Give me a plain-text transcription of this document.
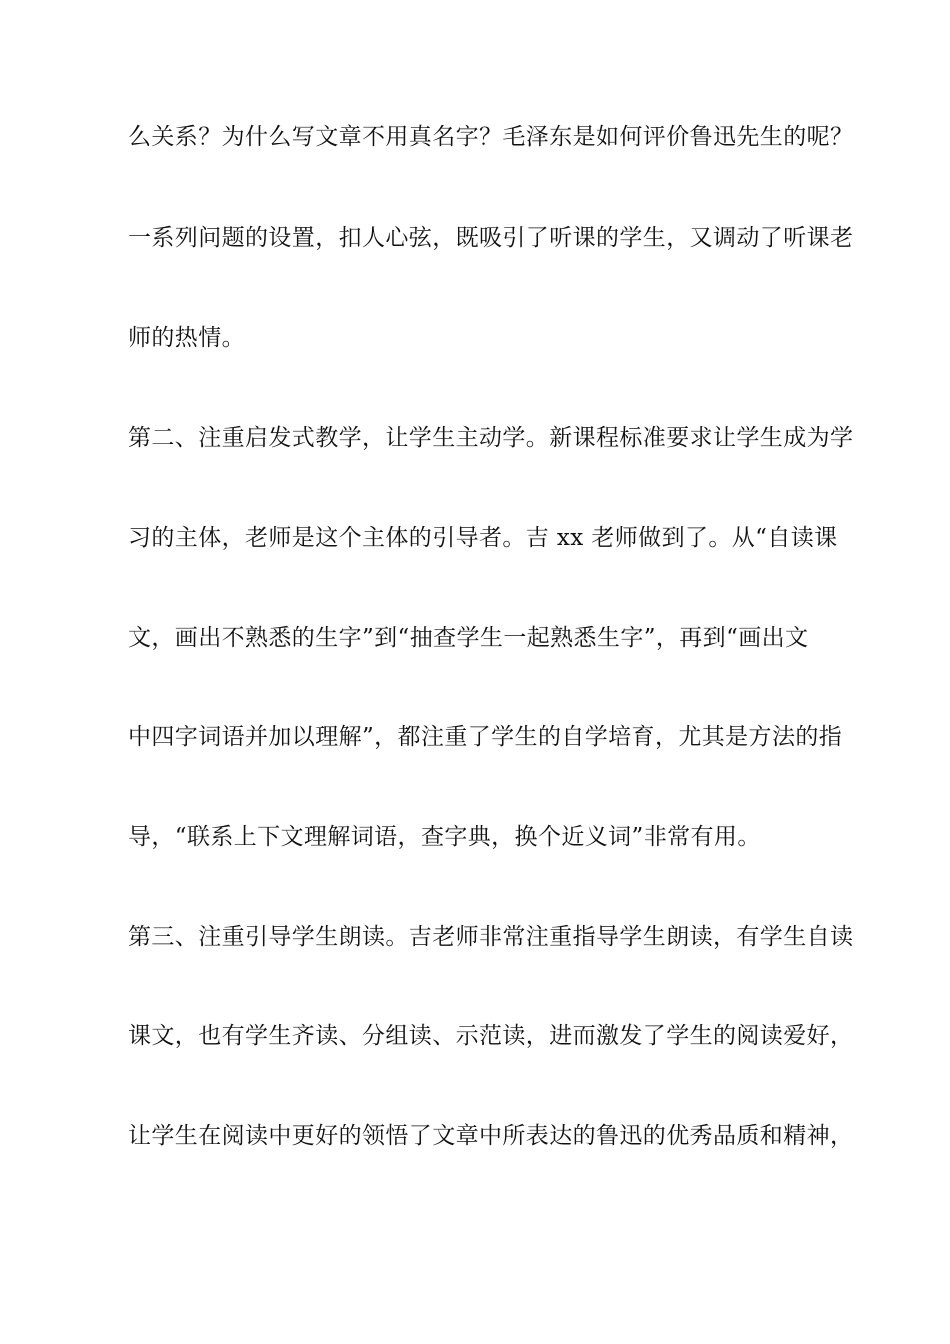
么关系？为什么写文章不用真名字？毛泽东是如何评价鲁迅先生的呢？
一系列问题的设置，扣人心弦，既吸引了听课的学生，又调动了听课老
师的热情。
第二、注重启发式教学，让学生主动学。新课程标准要求让学生成为学
习的主体，老师是这个主体的引导者。吉 xx 老师做到了。从“自读课
文，画出不熟悉的生字”到“抽查学生一起熟悉生字”，再到“画出文
中四字词语并加以理解”，都注重了学生的自学培育，尤其是方法的指
导，“联系上下文理解词语，查字典，换个近义词”非常有用。
第三、注重引导学生朗读。吉老师非常注重指导学生朗读，有学生自读
课文，也有学生齐读、分组读、示范读，进而激发了学生的阅读爱好，
让学生在阅读中更好的领悟了文章中所表达的鲁迅的优秀品质和精神，
